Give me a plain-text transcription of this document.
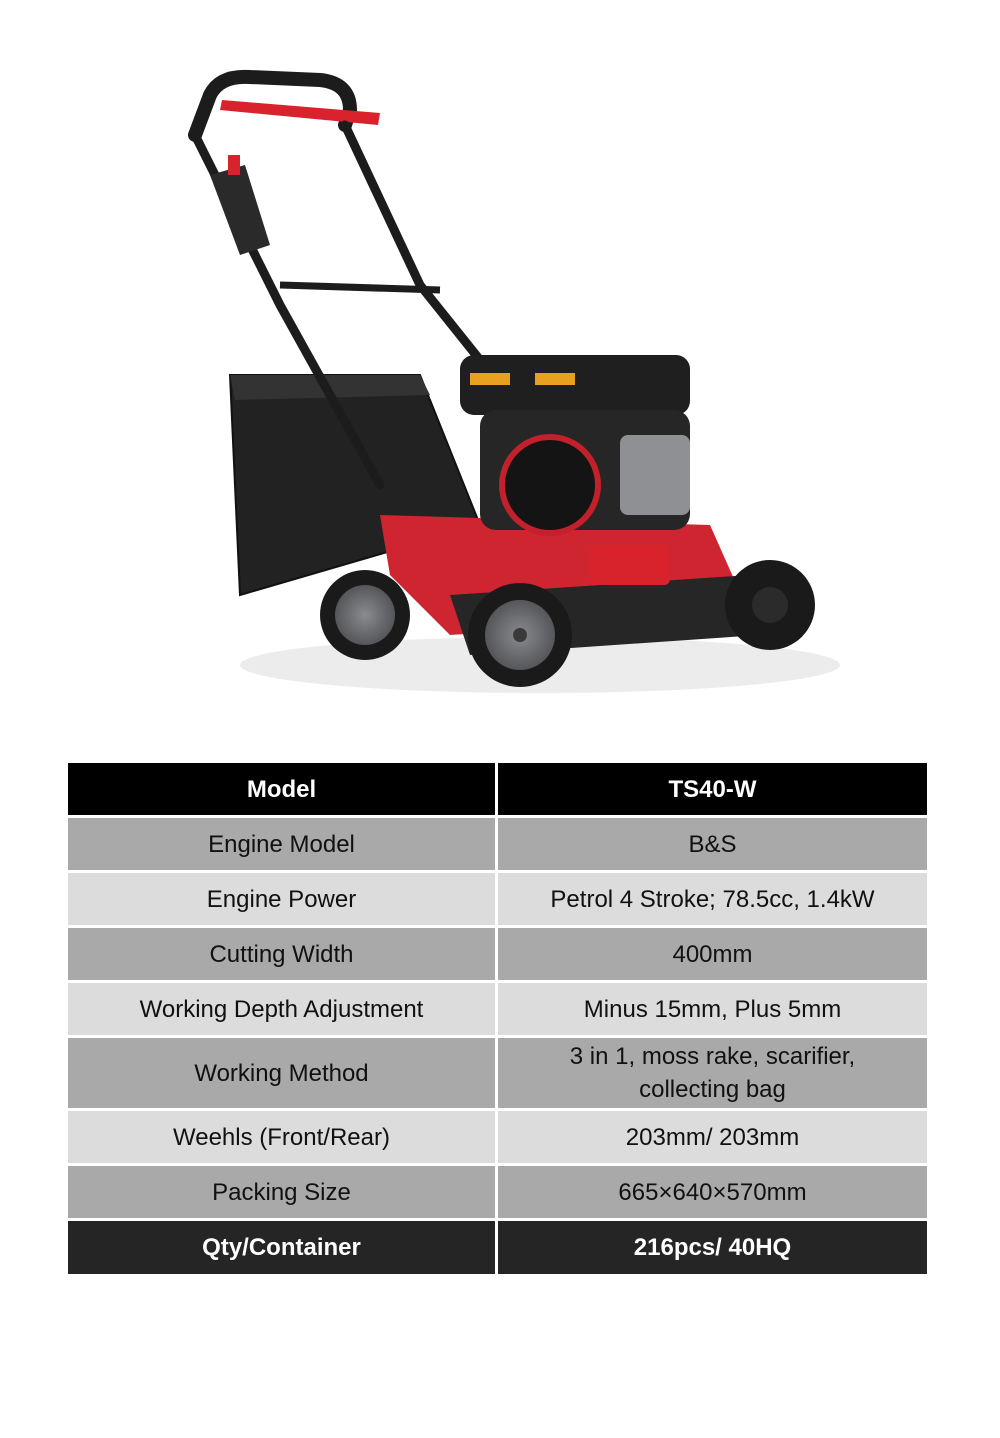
Model	TS40-W
Engine Model	B&S
Engine Power	Petrol 4 Stroke; 78.5cc, 1.4kW
Cutting Width	400mm
Working Depth Adjustment	Minus 15mm, Plus 5mm
Working Method	3 in 1, moss rake, scarifier,
collecting bag
Weehls (Front/Rear)	203mm/ 203mm
Packing Size	665×640×570mm
Qty/Container	216pcs/ 40HQ
